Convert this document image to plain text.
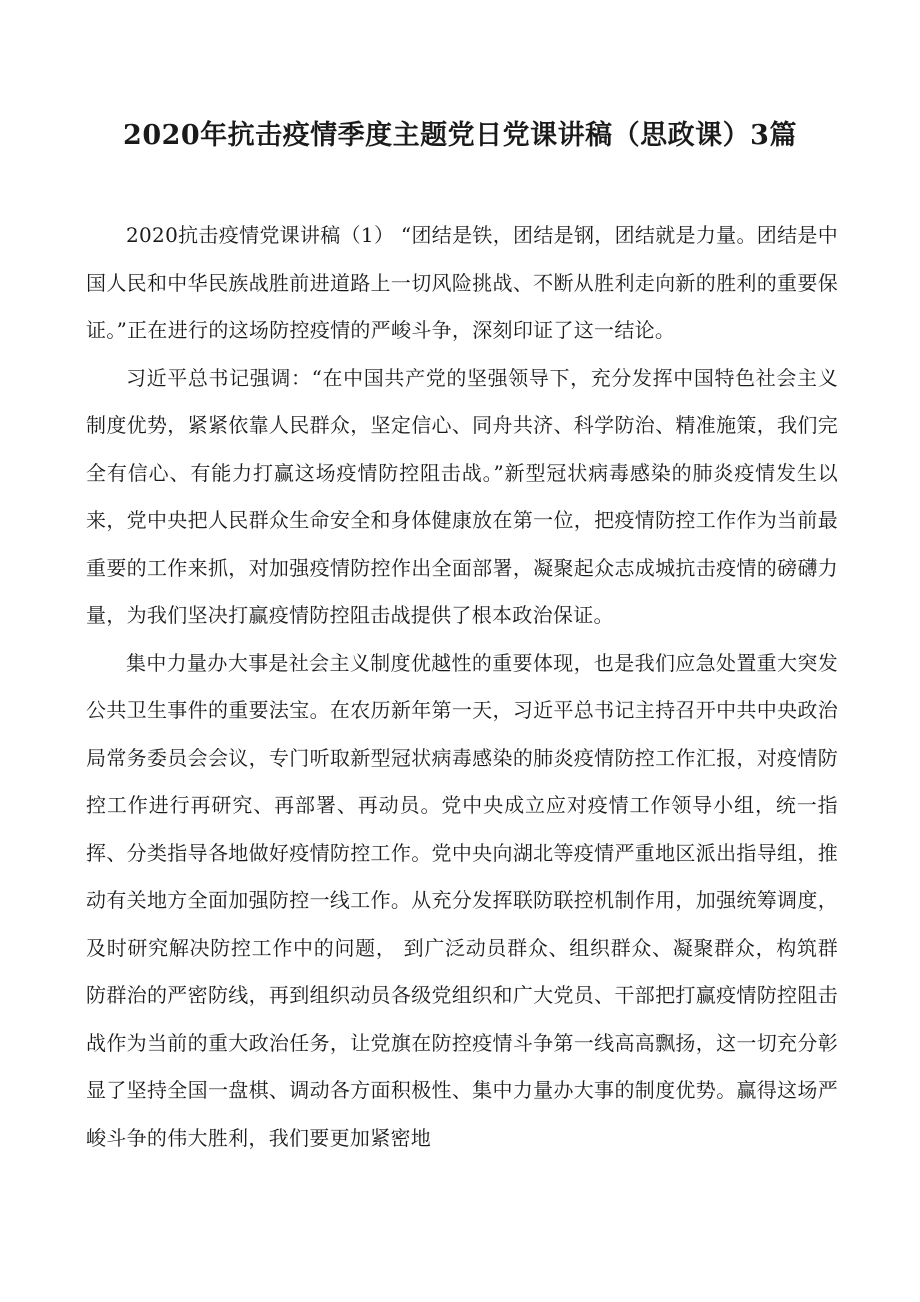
2020年抗击疫情季度主题党日党课讲稿（思政课）3篇

2020抗击疫情党课讲稿（1） “团结是铁，团结是钢，团结就是力量。团结是中国人民和中华民族战胜前进道路上一切风险挑战、不断从胜利走向新的胜利的重要保证。”正在进行的这场防控疫情的严峻斗争，深刻印证了这一结论。

习近平总书记强调：“在中国共产党的坚强领导下，充分发挥中国特色社会主义制度优势，紧紧依靠人民群众，坚定信心、同舟共济、科学防治、精准施策，我们完全有信心、有能力打赢这场疫情防控阻击战。”新型冠状病毒感染的肺炎疫情发生以来，党中央把人民群众生命安全和身体健康放在第一位，把疫情防控工作作为当前最重要的工作来抓，对加强疫情防控作出全面部署，凝聚起众志成城抗击疫情的磅礴力量，为我们坚决打赢疫情防控阻击战提供了根本政治保证。

集中力量办大事是社会主义制度优越性的重要体现，也是我们应急处置重大突发公共卫生事件的重要法宝。在农历新年第一天，习近平总书记主持召开中共中央政治局常务委员会会议，专门听取新型冠状病毒感染的肺炎疫情防控工作汇报，对疫情防控工作进行再研究、再部署、再动员。党中央成立应对疫情工作领导小组，统一指挥、分类指导各地做好疫情防控工作。党中央向湖北等疫情严重地区派出指导组，推动有关地方全面加强防控一线工作。从充分发挥联防联控机制作用，加强统筹调度，及时研究解决防控工作中的问题， 到广泛动员群众、组织群众、凝聚群众，构筑群防群治的严密防线，再到组织动员各级党组织和广大党员、干部把打赢疫情防控阻击战作为当前的重大政治任务，让党旗在防控疫情斗争第一线高高飘扬，这一切充分彰显了坚持全国一盘棋、调动各方面积极性、集中力量办大事的制度优势。赢得这场严峻斗争的伟大胜利，我们要更加紧密地
